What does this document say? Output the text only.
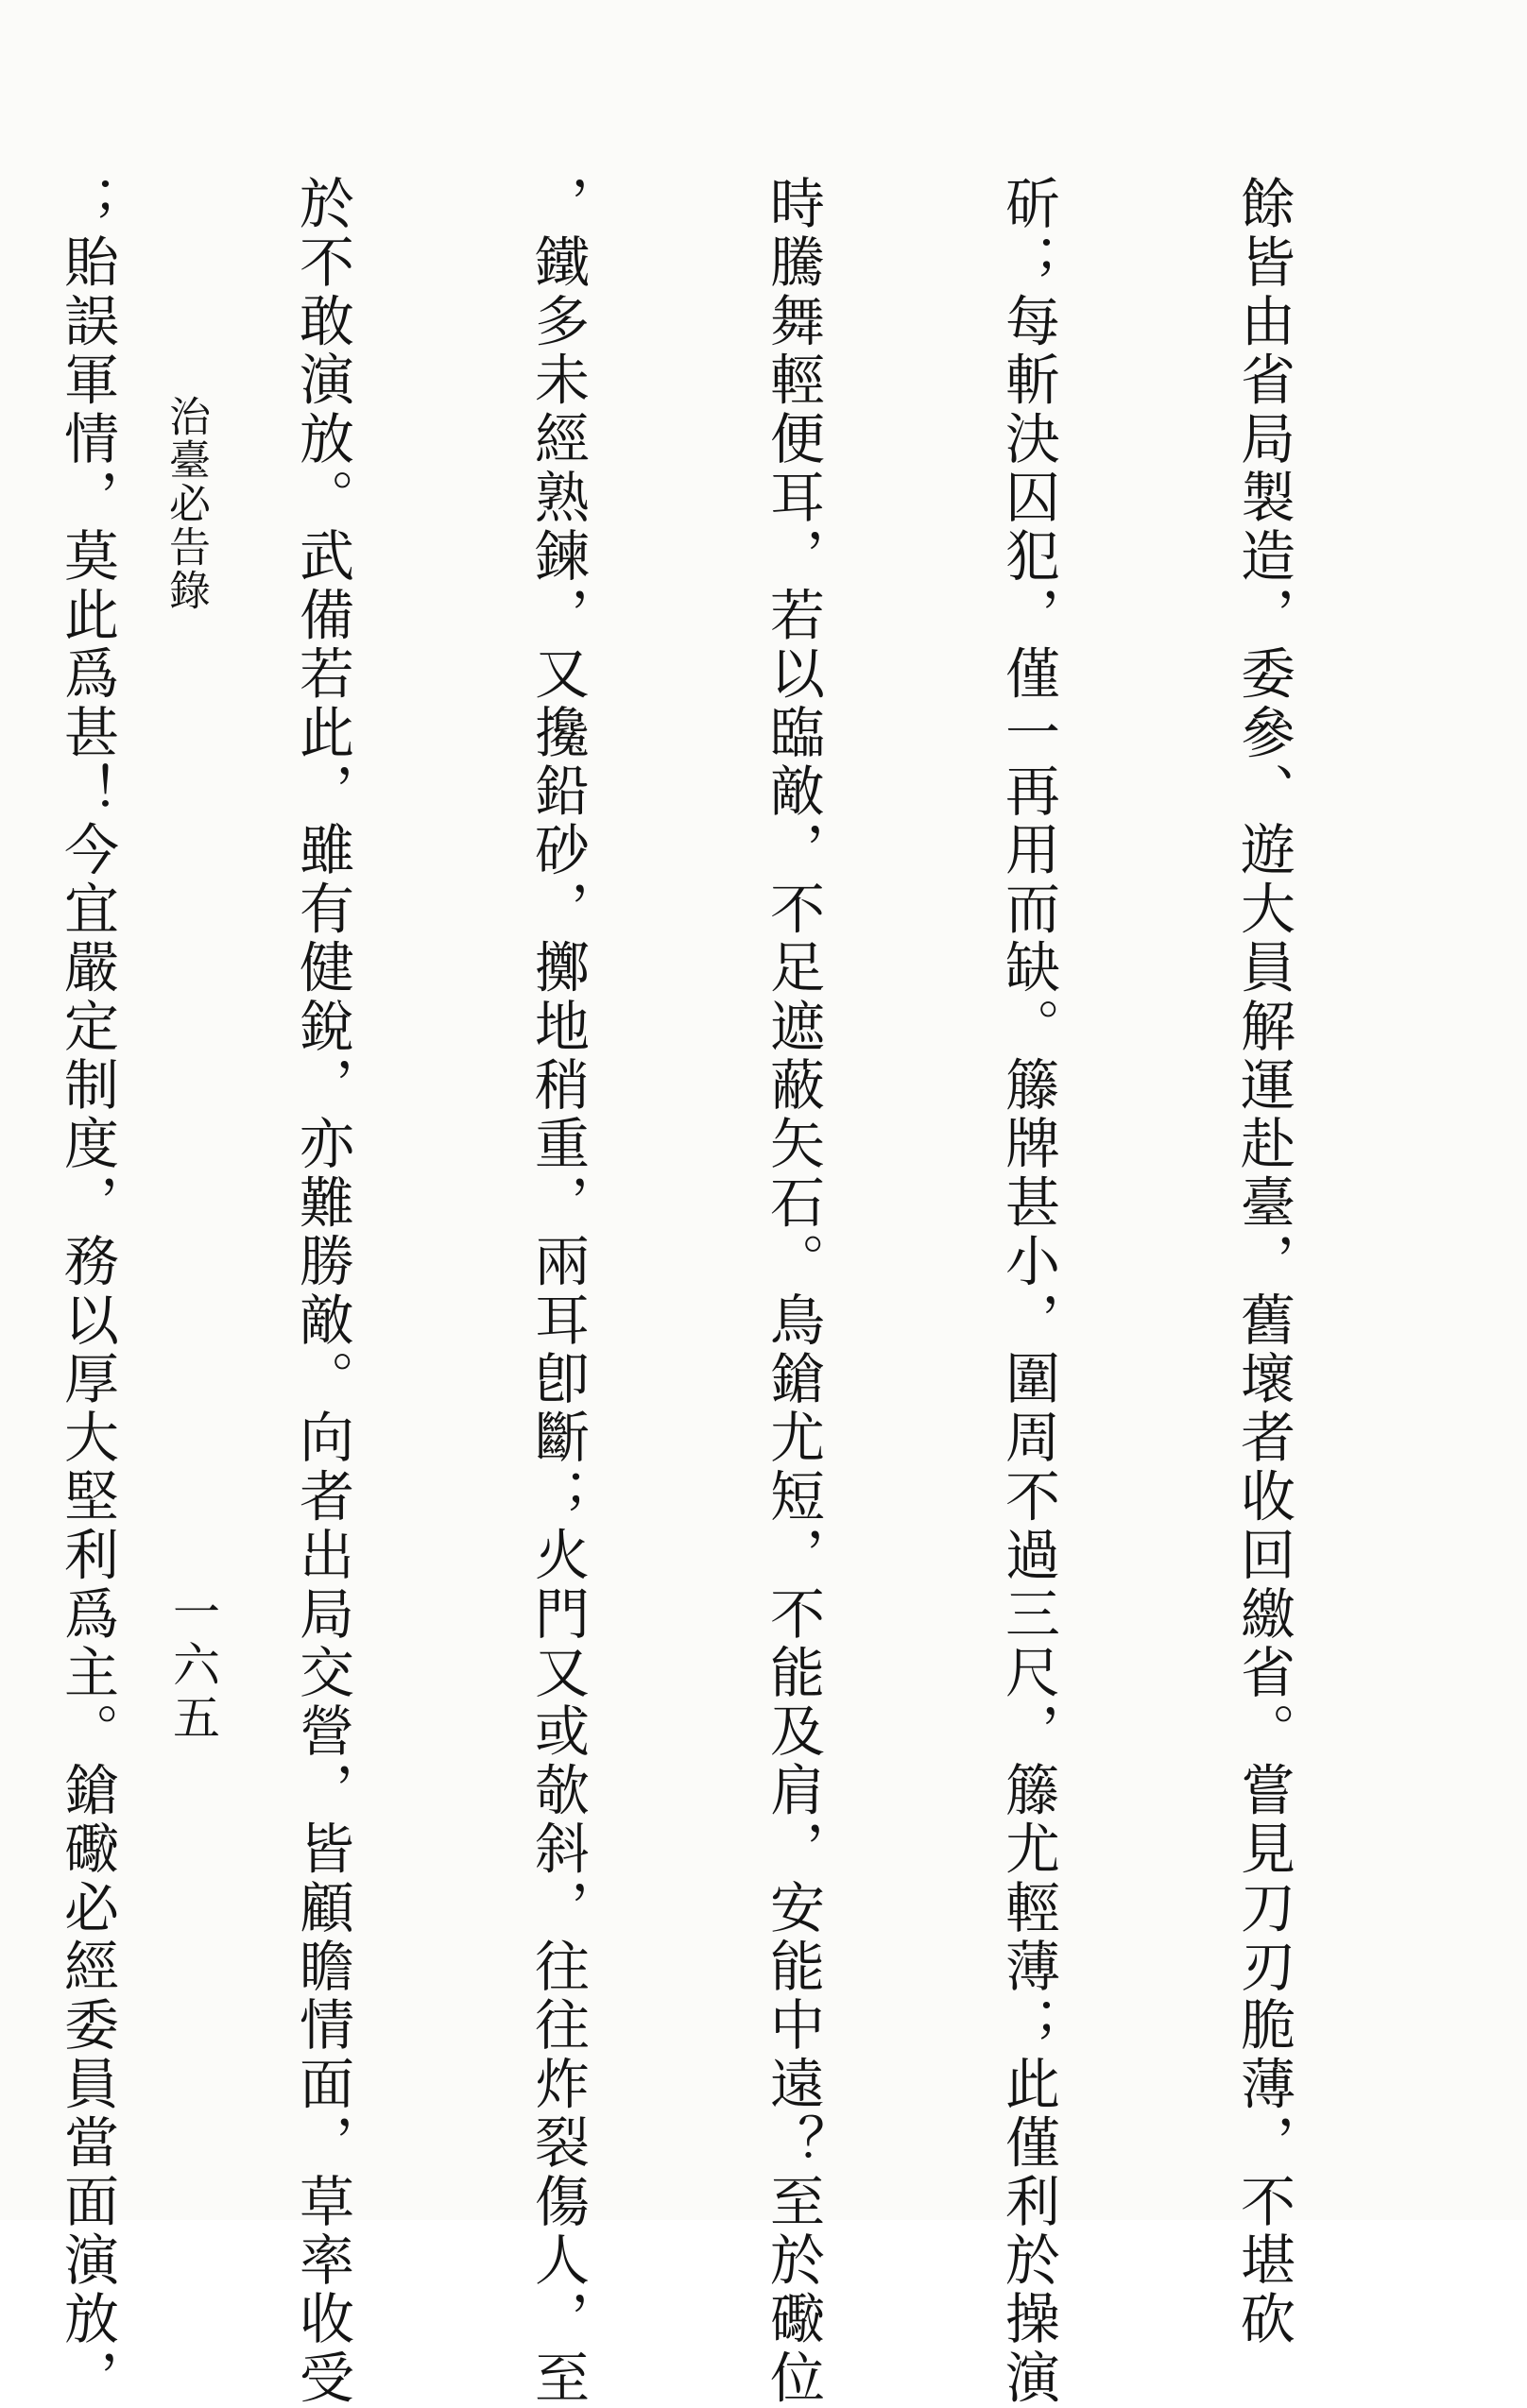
餘皆由省局製造，委參、遊大員解運赴臺，舊壞者收回繳省。嘗見刀刃脆薄，不堪砍

斫；每斬決囚犯，僅一再用而缺。籐牌甚小，圍周不過三尺，籐尤輕薄；此僅利於操演

時騰舞輕便耳，若以臨敵，不足遮蔽矢石。鳥鎗尤短，不能及肩，安能中遠？至於礮位

，鐵多未經熟鍊，又攙鉛砂，擲地稍重，兩耳卽斷；火門又或欹斜，往往炸裂傷人，至

於不敢演放。武備若此，雖有健銳，亦難勝敵。向者出局交營，皆顧瞻情面，草率收受

；貽誤軍情，莫此爲甚！今宜嚴定制度，務以厚大堅利爲主。鎗礮必經委員當面演放，

治臺必告錄
一六五
